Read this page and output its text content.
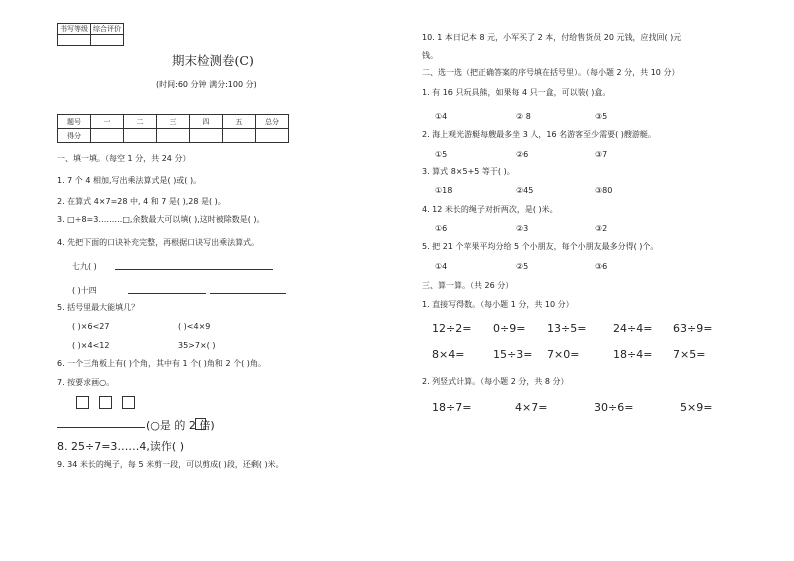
书写等级	综合评价

期末检测卷(C)
(时间:60 分钟 满分:100 分)
题号	一	二	三	四	五	总分
得分						
一、填一填。（每空 1 分，共 24 分）
1. 7 个 4 相加,写出乘法算式是( )或( )。
2. 在算式 4×7=28 中, 4 和 7 是( ),28 是( )。
3. □÷8=3………□,余数最大可以填( ),这时被除数是( )。
4. 先把下面的口诀补充完整，再根据口诀写出乘法算式。
七九( )
( )十四
5. 括号里最大能填几？
( )×6<27	( )<4×9
( )×4<12	35>7×( )
6. 一个三角板上有( )个角，其中有 1 个( )角和 2 个( )角。
7. 按要求画○。
(○是 的 2 倍)
8. 25÷7=3……4,读作( )
9. 34 米长的绳子，每 5 米剪一段，可以剪成( )段，还剩( )米。
10. 1 本日记本 8 元，小军买了 2 本，付给售货员 20 元钱，应找回( )元
钱。
二、选一选（把正确答案的序号填在括号里）。（每小题 2 分，共 10 分）
1. 有 16 只玩具熊，如果每 4 只一盒，可以装( )盒。
①4	② 8	③5
2. 海上观光游艇每艘最多坐 3 人，16 名游客至少需要( )艘游艇。
①5	②6	③7
3. 算式 8×5+5 等于( )。
①18	②45	③80
4. 12 米长的绳子对折两次，是( )米。
①6	②3	③2
5. 把 21 个苹果平均分给 5 个小朋友，每个小朋友最多分得( )个。
①4	②5	③6
三、算一算。（共 26 分）
1. 直接写得数。（每小题 1 分，共 10 分）
12÷2= 0÷9= 13÷5= 24÷4= 63÷9=
8×4=	15÷3= 7×0=	18÷4= 7×5=
2. 列竖式计算。（每小题 2 分，共 8 分）
18÷7=	4×7=	30÷6=	5×9=
